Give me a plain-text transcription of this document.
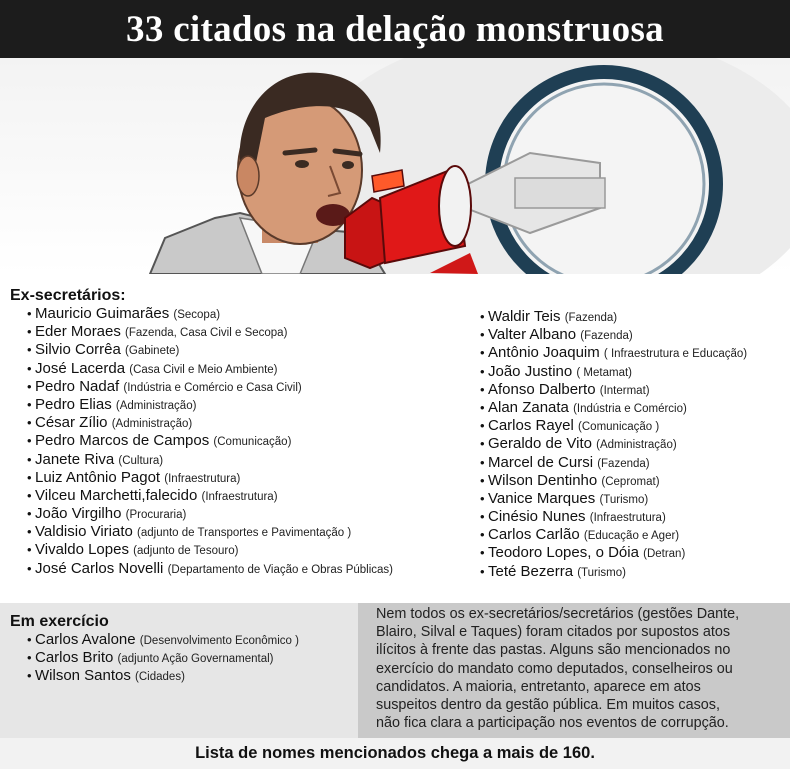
33 citados na delação monstruosa
Ex-secretários:
• Mauricio Guimarães (Secopa)
• Eder Moraes (Fazenda, Casa Civil e Secopa)
• Silvio Corrêa (Gabinete)
• José Lacerda (Casa Civil e Meio Ambiente)
• Pedro Nadaf (Indústria e Comércio e Casa Civil)
• Pedro Elias (Administração)
• César Zílio (Administração)
• Pedro Marcos de Campos (Comunicação)
• Janete Riva (Cultura)
• Luiz Antônio Pagot (Infraestrutura)
• Vilceu Marchetti,falecido (Infraestrutura)
• João Virgilho (Procuraria)
• Valdisio Viriato (adjunto de Transportes e Pavimentação )
• Vivaldo Lopes (adjunto de Tesouro)
• José Carlos Novelli (Departamento de Viação e Obras Públicas)
• Waldir Teis (Fazenda)
• Valter Albano (Fazenda)
• Antônio Joaquim ( Infraestrutura e Educação)
• João Justino ( Metamat)
• Afonso Dalberto (Intermat)
• Alan Zanata (Indústria e Comércio)
• Carlos Rayel (Comunicação )
• Geraldo de Vito (Administração)
• Marcel de Cursi (Fazenda)
• Wilson Dentinho (Cepromat)
• Vanice Marques (Turismo)
• Cinésio Nunes (Infraestrutura)
• Carlos Carlão (Educação e Ager)
• Teodoro Lopes, o Dóia (Detran)
• Teté Bezerra (Turismo)
Em exercício
• Carlos Avalone (Desenvolvimento Econômico )
• Carlos Brito (adjunto Ação Governamental)
• Wilson Santos (Cidades)
Nem todos os ex-secretários/secretários (gestões Dante,
Blairo, Silval e Taques) foram citados por supostos atos
ilícitos à frente das pastas. Alguns são mencionados no
exercício do mandato como deputados, conselheiros ou
candidatos. A maioria, entretanto, aparece em atos
suspeitos dentro da gestão pública. Em muitos casos,
não fica clara a participação nos eventos de corrupção.
Lista de nomes mencionados chega a mais de 160.
